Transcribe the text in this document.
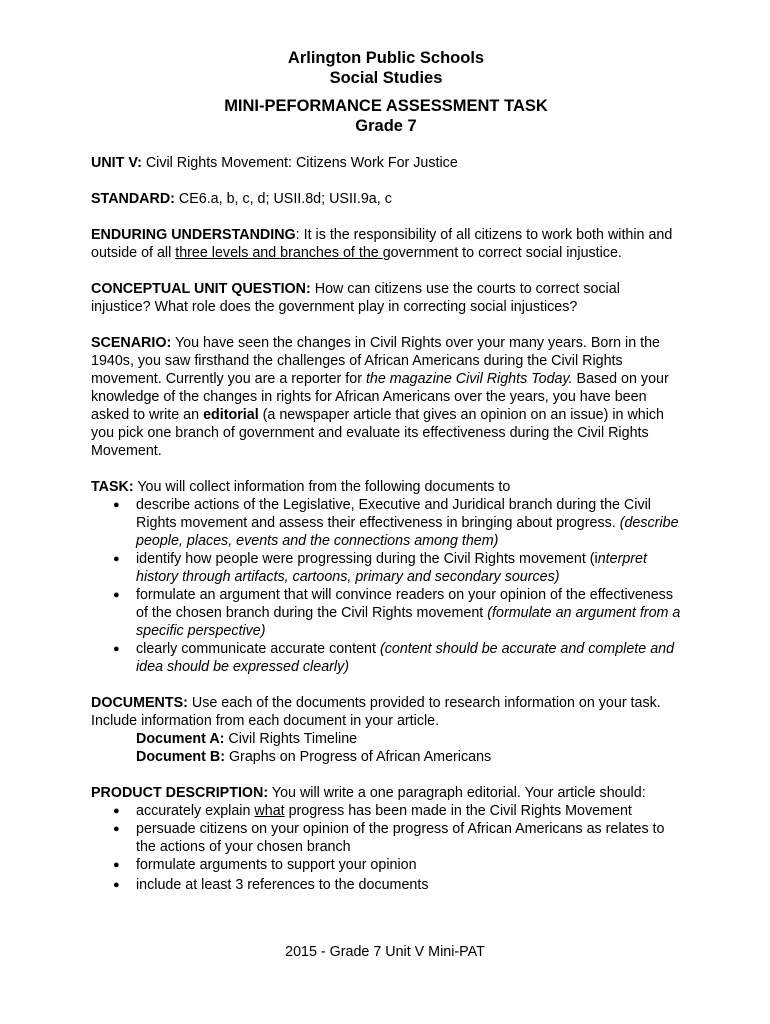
Arlington Public Schools
Social Studies
MINI-PEFORMANCE ASSESSMENT TASK
Grade 7

UNIT V: Civil Rights Movement: Citizens Work For Justice

STANDARD: CE6.a, b, c, d; USII.8d; USII.9a, c

ENDURING UNDERSTANDING: It is the responsibility of all citizens to work both within and outside of all three levels and branches of the government to correct social injustice.

CONCEPTUAL UNIT QUESTION: How can citizens use the courts to correct social injustice? What role does the government play in correcting social injustices?

SCENARIO: You have seen the changes in Civil Rights over your many years. Born in the 1940s, you saw firsthand the challenges of African Americans during the Civil Rights movement. Currently you are a reporter for the magazine Civil Rights Today. Based on your knowledge of the changes in rights for African Americans over the years, you have been asked to write an editorial (a newspaper article that gives an opinion on an issue) in which you pick one branch of government and evaluate its effectiveness during the Civil Rights Movement.

TASK: You will collect information from the following documents to

● describe actions of the Legislative, Executive and Juridical branch during the Civil Rights movement and assess their effectiveness in bringing about progress. (describe people, places, events and the connections among them)
● identify how people were progressing during the Civil Rights movement (interpret history through artifacts, cartoons, primary and secondary sources)
● formulate an argument that will convince readers on your opinion of the effectiveness of the chosen branch during the Civil Rights movement (formulate an argument from a specific perspective)
● clearly communicate accurate content (content should be accurate and complete and idea should be expressed clearly)

DOCUMENTS: Use each of the documents provided to research information on your task. Include information from each document in your article.

Document A: Civil Rights Timeline

Document B: Graphs on Progress of African Americans

PRODUCT DESCRIPTION: You will write a one paragraph editorial. Your article should:

● accurately explain what progress has been made in the Civil Rights Movement
● persuade citizens on your opinion of the progress of African Americans as relates to the actions of your chosen branch
● formulate arguments to support your opinion
● include at least 3 references to the documents
2015 - Grade 7 Unit V Mini-PAT
